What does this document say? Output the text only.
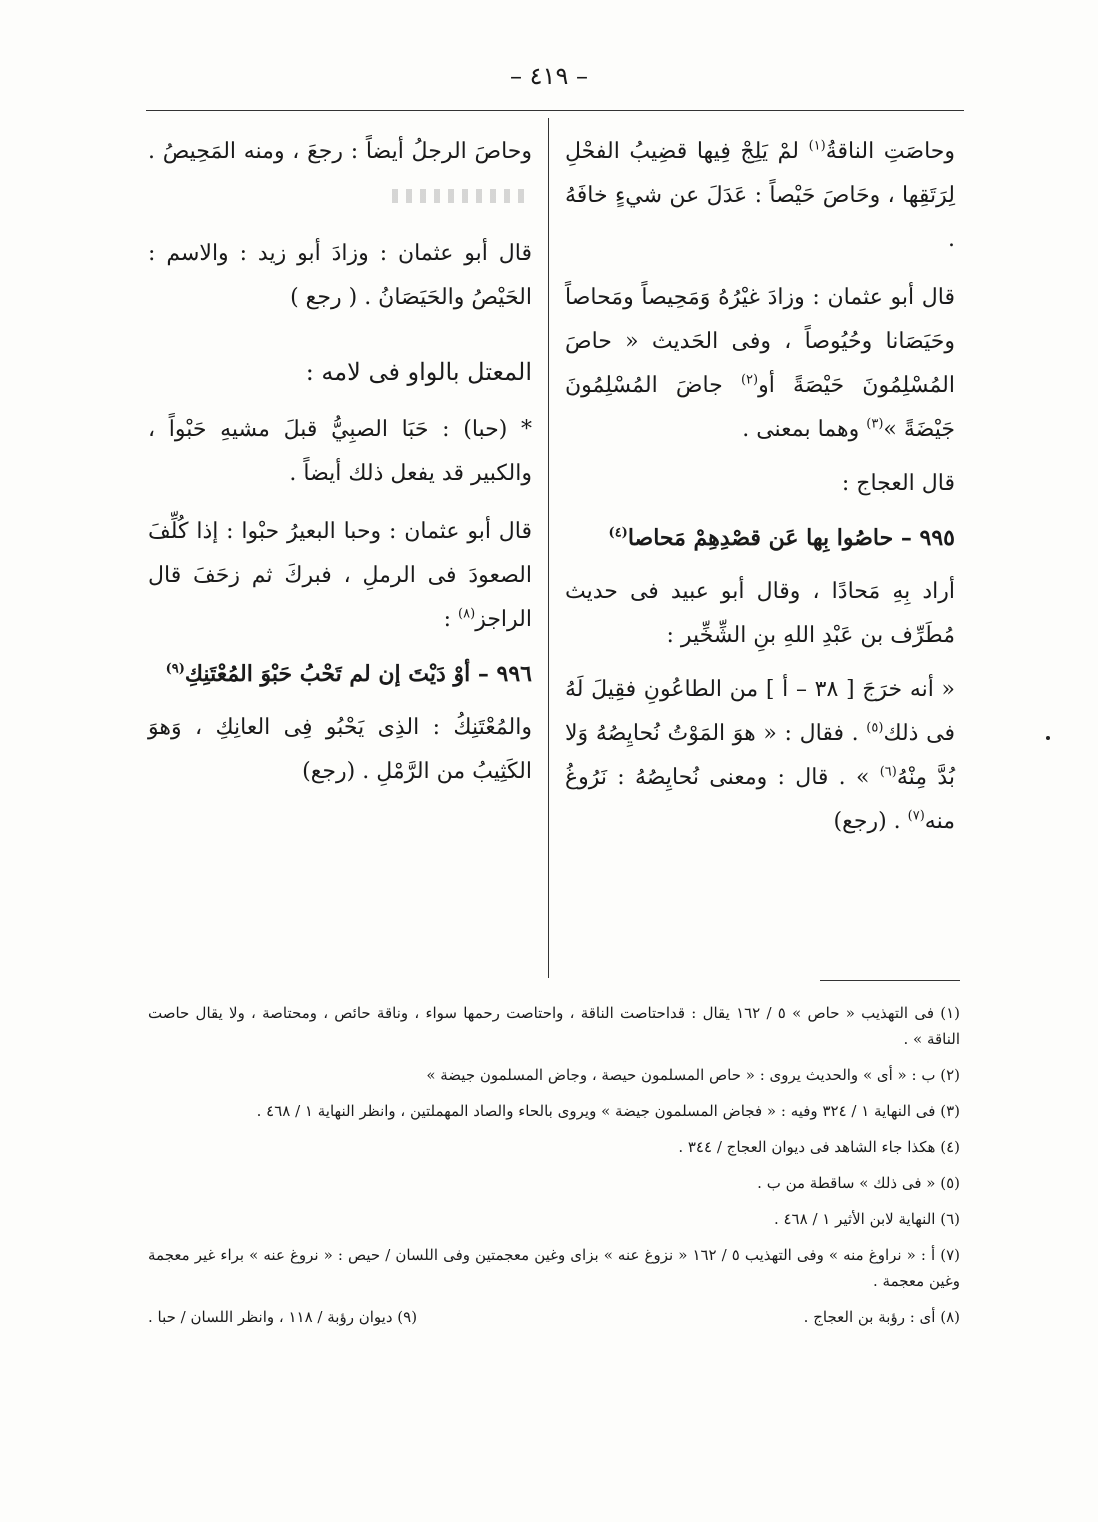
– ٤١٩ –

وحاصَتِ الناقةُ$^{(١)}$ لمْ يَلِجْ فِيها قضِيبُ الفحْلِ لِرَتَقِها ، وحَاصَ حَيْصاً : عَدَلَ عن شيءٍ خافَهُ .

قال أبو عثمان : وزادَ غيْرُهُ وَمَحِيصاً ومَحاصاً وحَيَصَانا وحُيُوصاً ، وفى الحَديث « حاصَ المُسْلِمُونَ حَيْصَةً أو$^{(٢)}$ جاضَ المُسْلِمُونَ جَيْضَةً »$^{(٣)}$ وهما بمعنى .

قال العجاج :

٩٩٥ – حاصُوا بِها عَن قصْدِهِمْ مَحاصا$^{(٤)}$

أراد بِهِ مَحادًا ، وقال أبو عبيد فى حديث مُطَرِّف بن عَبْدِ اللهِ بنِ الشِّخِّير :

« أنه خرَجَ [ ٣٨ – أ ] من الطاعُونِ فقِيلَ لَهُ فى ذلك$^{(٥)}$ . فقال : « هوَ المَوْتُ نُحايِصُهُ وَلا بُدَّ مِنْهُ$^{(٦)}$ » . قال : ومعنى نُحايِصُهُ : نَرُوغُ منه$^{(٧)}$ . (رجع)

وحاصَ الرجلُ أيضاً : رجعَ ، ومنه المَحِيصُ .

قال أبو عثمان : وزادَ أبو زيد : والاسم : الحَيْصُ والحَيَصَانُ . ( رجع )

المعتل بالواو فى لامه :

* (حبا) : حَبَا الصبِيُّ قبلَ مشيهِ حَبْواً ، والكبير قد يفعل ذلك أيضاً .

قال أبو عثمان : وحبا البعيرُ حبْوا : إذا كُلِّفَ الصعودَ فى الرملِ ، فبركَ ثم زحَفَ قال الراجز$^{(٨)}$ :

٩٩٦ – أوْ دَيْتَ إن لم تَحْبُ حَبْوَ المُعْتَنِكِ$^{(٩)}$

والمُعْتَنِكُ : الذِى يَحْبُو فِى العانِكِ ، وَهوَ الكَثِيبُ من الرَّمْلِ . (رجع)

(١) فى التهذيب « حاص » ٥ / ١٦٢ يقال : قداحتاصت الناقة ، واحتاصت رحمها سواء ، وناقة حائص ، ومحتاصة ، ولا يقال حاصت الناقة » .

(٢) ب : « أى » والحديث يروى : « حاص المسلمون حيصة ، وجاض المسلمون جيضة »

(٣) فى النهاية ١ / ٣٢٤ وفيه : « فجاض المسلمون جيضة » ويروى بالحاء والصاد المهملتين ، وانظر النهاية ١ / ٤٦٨ .

(٤) هكذا جاء الشاهد فى ديوان العجاج / ٣٤٤ .

(٥) « فى ذلك » ساقطة من ب .

(٦) النهاية لابن الأثير ١ / ٤٦٨ .

(٧) أ : « نراوغ منه » وفى التهذيب ٥ / ١٦٢ « نزوغ عنه » بزاى وغين معجمتين وفى اللسان / حيص : « نروغ عنه » براء غير معجمة وغين معجمة .

(٨) أى : رؤبة بن العجاج .
(٩) ديوان رؤبة / ١١٨ ، وانظر اللسان / حبا .
